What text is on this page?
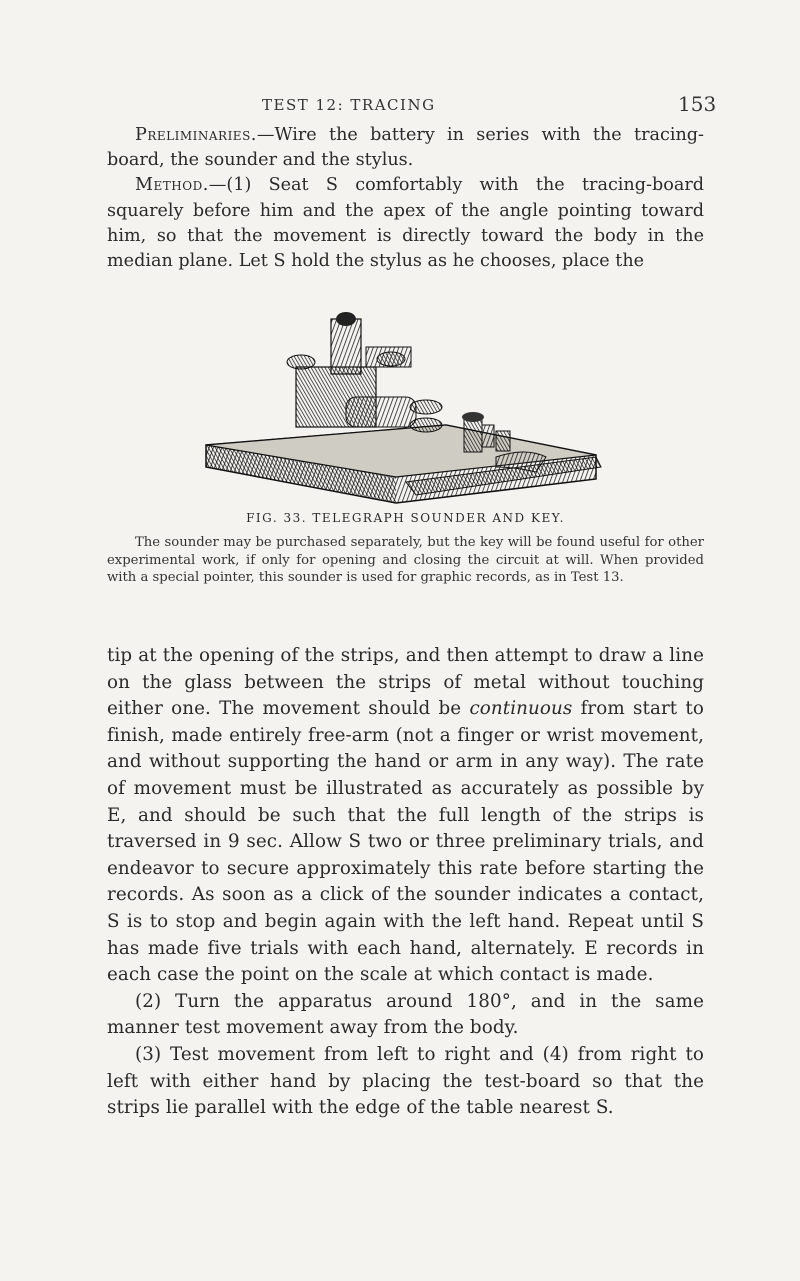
TEST 12: TRACING	153

Preliminaries.—Wire the battery in series with the tracing-board, the sounder and the stylus.

Method.—(1) Seat S comfortably with the tracing-board squarely before him and the apex of the angle pointing toward him, so that the movement is directly toward the body in the median plane. Let S hold the stylus as he chooses, place the

FIG. 33. TELEGRAPH SOUNDER AND KEY.
The sounder may be purchased separately, but the key will be found useful for other experimental work, if only for opening and closing the circuit at will. When provided with a special pointer, this sounder is used for graphic records, as in Test 13.

tip at the opening of the strips, and then attempt to draw a line on the glass between the strips of metal without touching either one. The movement should be continuous from start to finish, made entirely free-arm (not a finger or wrist movement, and without supporting the hand or arm in any way). The rate of movement must be illustrated as accurately as possible by E, and should be such that the full length of the strips is traversed in 9 sec. Allow S two or three preliminary trials, and endeavor to secure approximately this rate before starting the records. As soon as a click of the sounder indicates a contact, S is to stop and begin again with the left hand. Repeat until S has made five trials with each hand, alternately. E records in each case the point on the scale at which contact is made.

(2) Turn the apparatus around 180°, and in the same manner test movement away from the body.

(3) Test movement from left to right and (4) from right to left with either hand by placing the test-board so that the strips lie parallel with the edge of the table nearest S.
